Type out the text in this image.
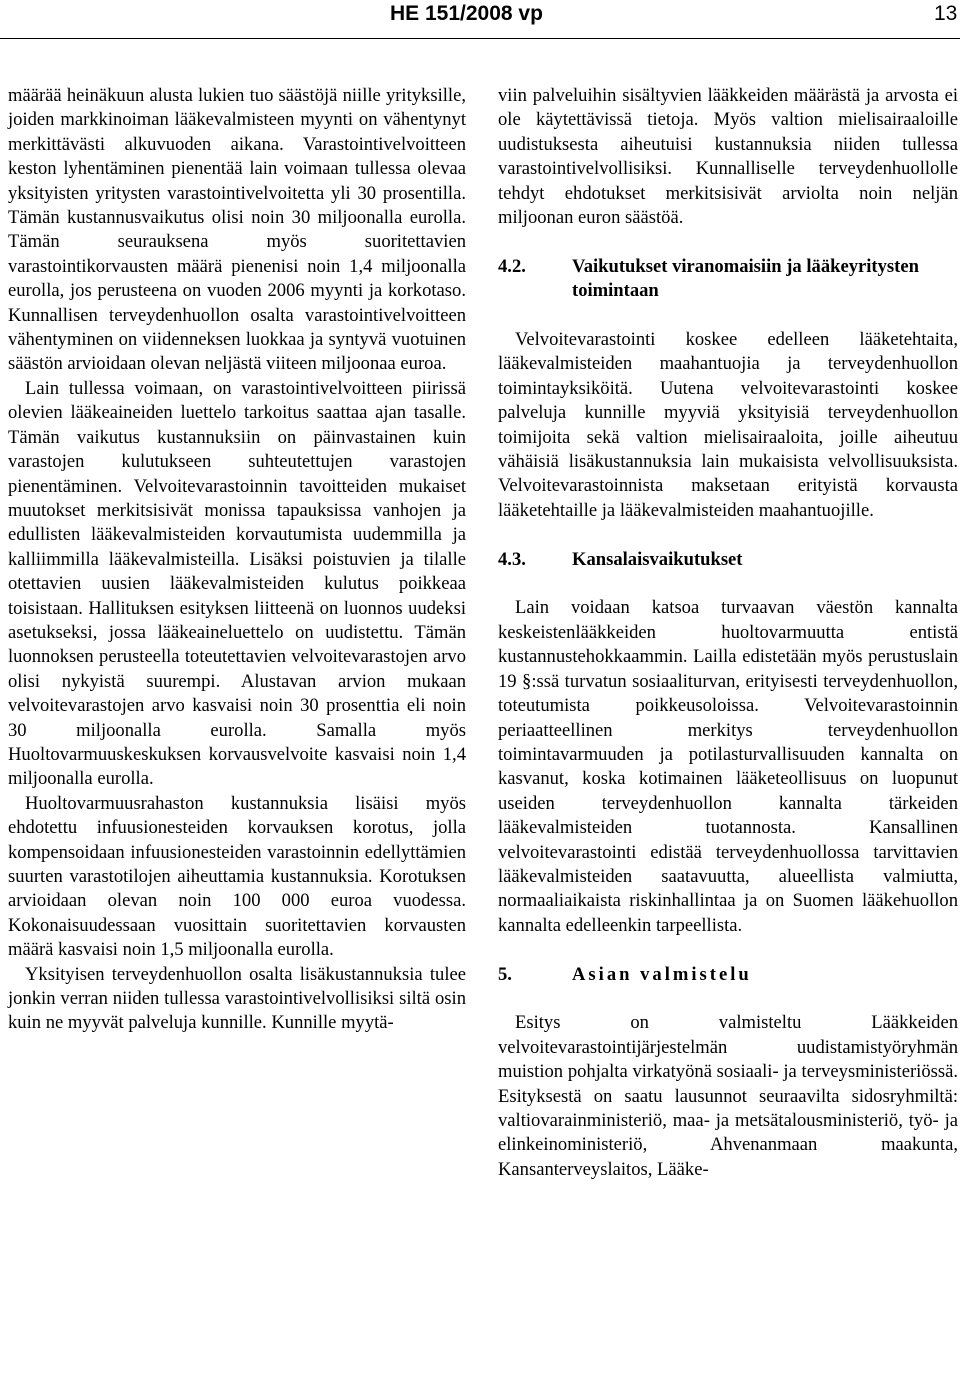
HE 151/2008 vp	13

määrää heinäkuun alusta lukien tuo säästöjä niille yrityksille, joiden markkinoiman lääkevalmisteen myynti on vähentynyt merkittävästi alkuvuoden aikana. Varastointivelvoitteen keston lyhentäminen pienentää lain voimaan tullessa olevaa yksityisten yritysten varastointivelvoitetta yli 30 prosentilla. Tämän kustannusvaikutus olisi noin 30 miljoonalla eurolla. Tämän seurauksena myös suoritettavien varastointikorvausten määrä pienenisi noin 1,4 miljoonalla eurolla, jos perusteena on vuoden 2006 myynti ja korkotaso. Kunnallisen terveydenhuollon osalta varastointivelvoitteen vähentyminen on viidenneksen luokkaa ja syntyvä vuotuinen säästön arvioidaan olevan neljästä viiteen miljoonaa euroa.

Lain tullessa voimaan, on varastointivelvoitteen piirissä olevien lääkeaineiden luettelo tarkoitus saattaa ajan tasalle. Tämän vaikutus kustannuksiin on päinvastainen kuin varastojen kulutukseen suhteutettujen varastojen pienentäminen. Velvoitevarastoinnin tavoitteiden mukaiset muutokset merkitsisivät monissa tapauksissa vanhojen ja edullisten lääkevalmisteiden korvautumista uudemmilla ja kalliimmilla lääkevalmisteilla. Lisäksi poistuvien ja tilalle otettavien uusien lääkevalmisteiden kulutus poikkeaa toisistaan. Hallituksen esityksen liitteenä on luonnos uudeksi asetukseksi, jossa lääkeaineluettelo on uudistettu. Tämän luonnoksen perusteella toteutettavien velvoitevarastojen arvo olisi nykyistä suurempi. Alustavan arvion mukaan velvoitevarastojen arvo kasvaisi noin 30 prosenttia eli noin 30 miljoonalla eurolla. Samalla myös Huoltovarmuuskeskuksen korvausvelvoite kasvaisi noin 1,4 miljoonalla eurolla.

Huoltovarmuusrahaston kustannuksia lisäisi myös ehdotettu infuusionesteiden korvauksen korotus, jolla kompensoidaan infuusionesteiden varastoinnin edellyttämien suurten varastotilojen aiheuttamia kustannuksia. Korotuksen arvioidaan olevan noin 100 000 euroa vuodessa. Kokonaisuudessaan vuosittain suoritettavien korvausten määrä kasvaisi noin 1,5 miljoonalla eurolla.

Yksityisen terveydenhuollon osalta lisäkustannuksia tulee jonkin verran niiden tullessa varastointivelvollisiksi siltä osin kuin ne myyvät palveluja kunnille. Kunnille myytä-

viin palveluihin sisältyvien lääkkeiden määrästä ja arvosta ei ole käytettävissä tietoja. Myös valtion mielisairaaloille uudistuksesta aiheutuisi kustannuksia niiden tullessa varastointivelvollisiksi. Kunnalliselle terveydenhuollolle tehdyt ehdotukset merkitsisivät arviolta noin neljän miljoonan euron säästöä.

4.2.	Vaikutukset viranomaisiin ja lääkeyritysten toimintaan

Velvoitevarastointi koskee edelleen lääketehtaita, lääkevalmisteiden maahantuojia ja terveydenhuollon toimintayksiköitä. Uutena velvoitevarastointi koskee palveluja kunnille myyviä yksityisiä terveydenhuollon toimijoita sekä valtion mielisairaaloita, joille aiheutuu vähäisiä lisäkustannuksia lain mukaisista velvollisuuksista. Velvoitevarastoinnista maksetaan erityistä korvausta lääketehtaille ja lääkevalmisteiden maahantuojille.

4.3.	Kansalaisvaikutukset

Lain voidaan katsoa turvaavan väestön kannalta keskeistenlääkkeiden huoltovarmuutta entistä kustannustehokkaammin. Lailla edistetään myös perustuslain 19 §:ssä turvatun sosiaaliturvan, erityisesti terveydenhuollon, toteutumista poikkeusoloissa. Velvoitevarastoinnin periaatteellinen merkitys terveydenhuollon toimintavarmuuden ja potilasturvallisuuden kannalta on kasvanut, koska kotimainen lääketeollisuus on luopunut useiden terveydenhuollon kannalta tärkeiden lääkevalmisteiden tuotannosta. Kansallinen velvoitevarastointi edistää terveydenhuollossa tarvittavien lääkevalmisteiden saatavuutta, alueellista valmiutta, normaaliaikaista riskinhallintaa ja on Suomen lääkehuollon kannalta edelleenkin tarpeellista.

5.	Asian valmistelu

Esitys on valmisteltu Lääkkeiden velvoitevarastointijärjestelmän uudistamistyöryhmän muistion pohjalta virkatyönä sosiaali- ja terveysministeriössä. Esityksestä on saatu lausunnot seuraavilta sidosryhmiltä: valtiovarainministeriö, maa- ja metsätalousministeriö, työ- ja elinkeinoministeriö, Ahvenanmaan maakunta, Kansanterveyslaitos, Lääke-
